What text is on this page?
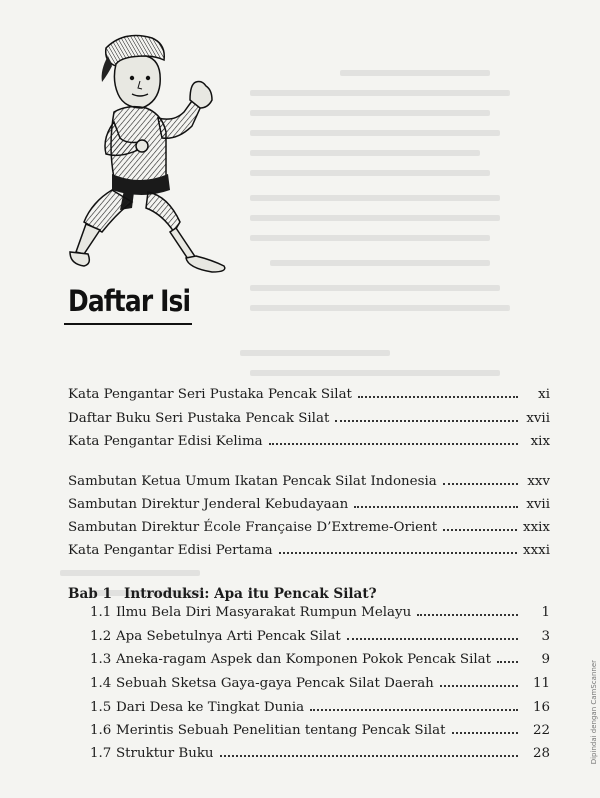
Daftar Isi
Kata Pengantar Seri Pustaka Pencak Silat	xi
Daftar Buku Seri Pustaka Pencak Silat	xvii
Kata Pengantar Edisi Kelima	xix
Sambutan Ketua Umum Ikatan Pencak Silat Indonesia	xxv
Sambutan Direktur Jenderal Kebudayaan	xvii
Sambutan Direktur École Française D’Extreme-Orient	xxix
Kata Pengantar Edisi Pertama	xxxi
Bab 1 Introduksi: Apa itu Pencak Silat?
1.1 Ilmu Bela Diri Masyarakat Rumpun Melayu	1
1.2 Apa Sebetulnya Arti Pencak Silat	3
1.3 Aneka-ragam Aspek dan Komponen Pokok Pencak Silat	9
1.4 Sebuah Sketsa Gaya-gaya Pencak Silat Daerah	11
1.5 Dari Desa ke Tingkat Dunia	16
1.6 Merintis Sebuah Penelitian tentang Pencak Silat	22
1.7 Struktur Buku	28	Dipindai dengan CamScanner
